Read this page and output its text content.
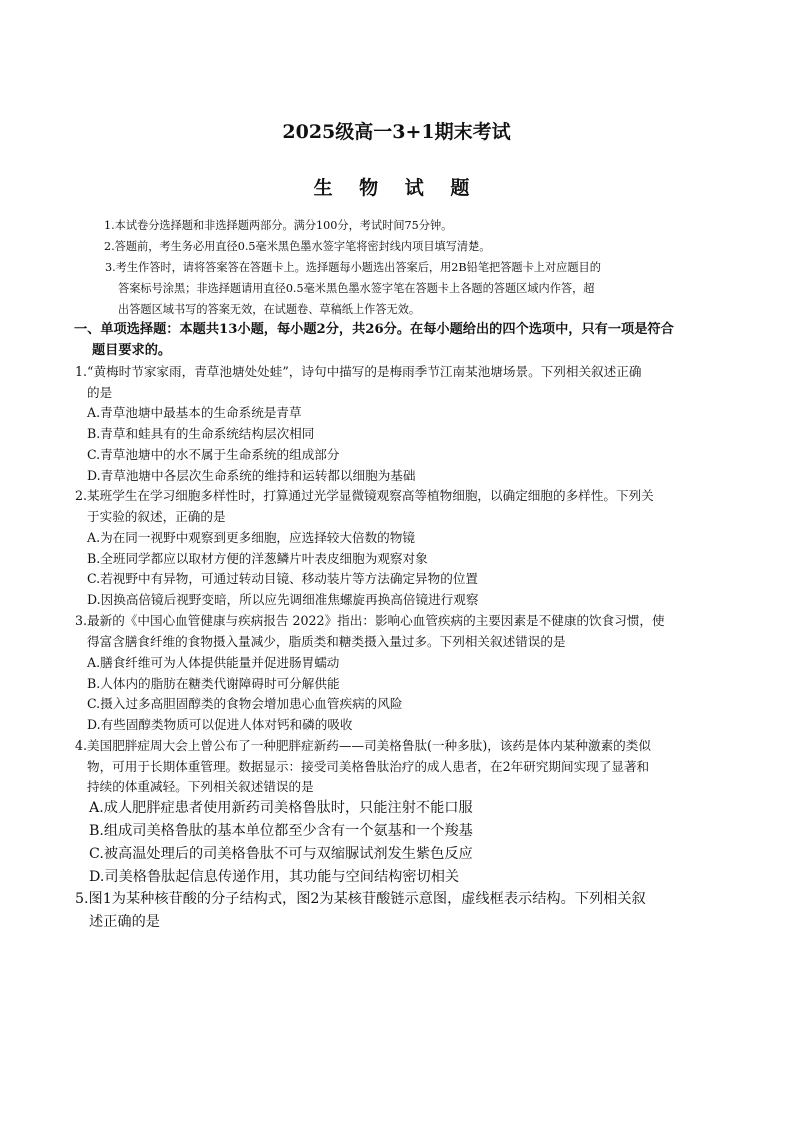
2025级高一3+1期末考试
生 物 试 题
1.本试卷分选择题和非选择题两部分。满分100分，考试时间75分钟。
2.答题前，考生务必用直径0.5毫米黑色墨水签字笔将密封线内项目填写清楚。
3.考生作答时，请将答案答在答题卡上。选择题每小题选出答案后，用2B铅笔把答题卡上对应题目的
答案标号涂黑；非选择题请用直径0.5毫米黑色墨水签字笔在答题卡上各题的答题区域内作答，超
出答题区域书写的答案无效，在试题卷、草稿纸上作答无效。
一、单项选择题：本题共13小题，每小题2分，共26分。在每小题给出的四个选项中，只有一项是符合
题目要求的。
1.“黄梅时节家家雨，青草池塘处处蛙”，诗句中描写的是梅雨季节江南某池塘场景。下列相关叙述正确
的是
A.青草池塘中最基本的生命系统是青草
B.青草和蛙具有的生命系统结构层次相同
C.青草池塘中的水不属于生命系统的组成部分
D.青草池塘中各层次生命系统的维持和运转都以细胞为基础
2.某班学生在学习细胞多样性时，打算通过光学显微镜观察高等植物细胞，以确定细胞的多样性。下列关
于实验的叙述，正确的是
A.为在同一视野中观察到更多细胞，应选择较大倍数的物镜
B.全班同学都应以取材方便的洋葱鳞片叶表皮细胞为观察对象
C.若视野中有异物，可通过转动目镜、移动装片等方法确定异物的位置
D.因换高倍镜后视野变暗，所以应先调细准焦螺旋再换高倍镜进行观察
3.最新的《中国心血管健康与疾病报告 2022》指出：影响心血管疾病的主要因素是不健康的饮食习惯，使
得富含膳食纤维的食物摄入量减少，脂质类和糖类摄入量过多。下列相关叙述错误的是
A.膳食纤维可为人体提供能量并促进肠胃蠕动
B.人体内的脂肪在糖类代谢障碍时可分解供能
C.摄入过多高胆固醇类的食物会增加患心血管疾病的风险
D.有些固醇类物质可以促进人体对钙和磷的吸收
4.美国肥胖症周大会上曾公布了一种肥胖症新药——司美格鲁肽(一种多肽)，该药是体内某种激素的类似
物，可用于长期体重管理。数据显示：接受司美格鲁肽治疗的成人患者，在2年研究期间实现了显著和
持续的体重减轻。下列相关叙述错误的是
A.成人肥胖症患者使用新药司美格鲁肽时，只能注射不能口服
B.组成司美格鲁肽的基本单位都至少含有一个氨基和一个羧基
C.被高温处理后的司美格鲁肽不可与双缩脲试剂发生紫色反应
D.司美格鲁肽起信息传递作用，其功能与空间结构密切相关
5.图1为某种核苷酸的分子结构式，图2为某核苷酸链示意图，虚线框表示结构。下列相关叙
述正确的是
